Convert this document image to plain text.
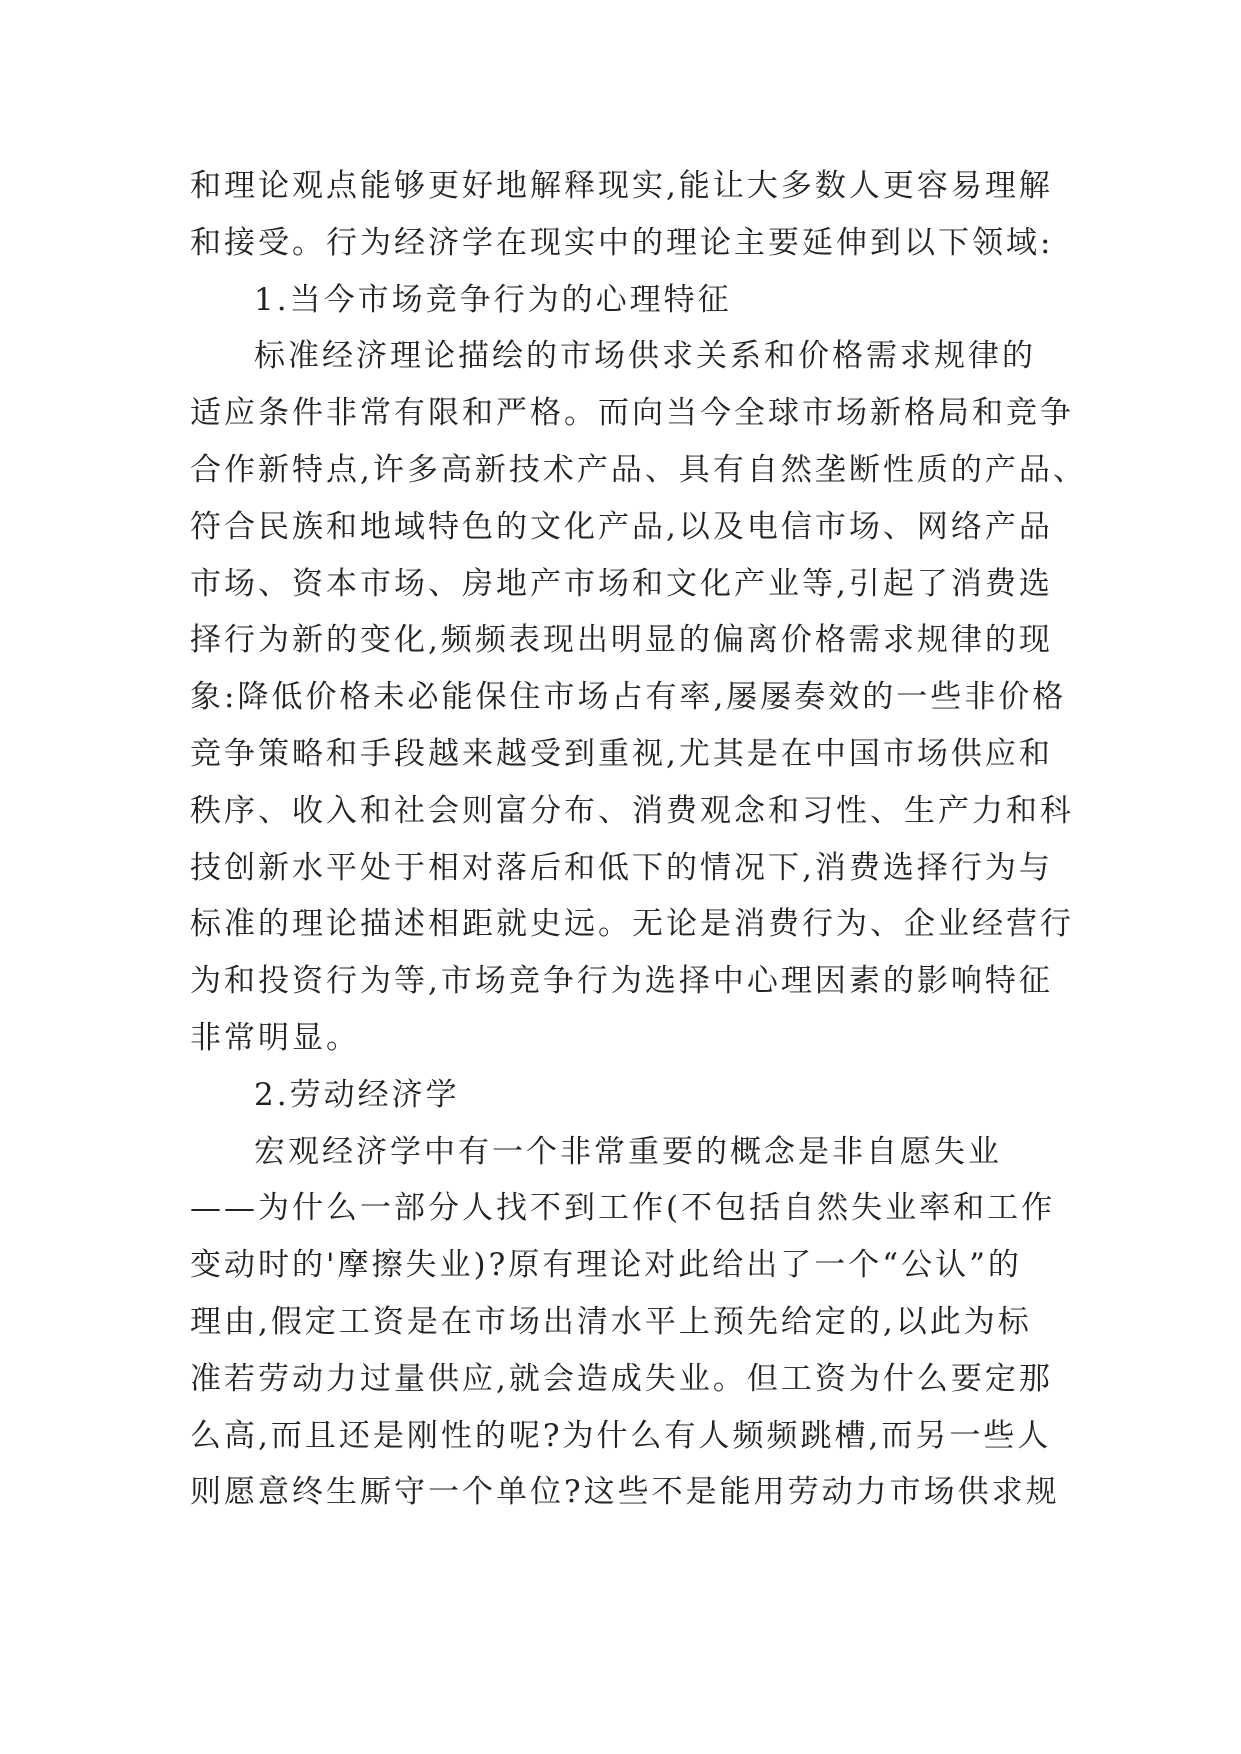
和理论观点能够更好地解释现实,能让大多数人更容易理解
和接受。行为经济学在现实中的理论主要延伸到以下领域:
1.当今市场竞争行为的心理特征
标准经济理论描绘的市场供求关系和价格需求规律的
适应条件非常有限和严格。而向当今全球市场新格局和竞争
合作新特点,许多高新技术产品、具有自然垄断性质的产品、
符合民族和地域特色的文化产品,以及电信市场、网络产品
市场、资本市场、房地产市场和文化产业等,引起了消费选
择行为新的变化,频频表现出明显的偏离价格需求规律的现
象:降低价格未必能保住市场占有率,屡屡奏效的一些非价格
竞争策略和手段越来越受到重视,尤其是在中国市场供应和
秩序、收入和社会则富分布、消费观念和习性、生产力和科
技创新水平处于相对落后和低下的情况下,消费选择行为与
标准的理论描述相距就史远。无论是消费行为、企业经营行
为和投资行为等,市场竞争行为选择中心理因素的影响特征
非常明显。
2.劳动经济学
宏观经济学中有一个非常重要的概念是非自愿失业
——为什么一部分人找不到工作(不包括自然失业率和工作
变动时的'摩擦失业)?原有理论对此给出了一个“公认”的
理由,假定工资是在市场出清水平上预先给定的,以此为标
准若劳动力过量供应,就会造成失业。但工资为什么要定那
么高,而且还是刚性的呢?为什么有人频频跳槽,而另一些人
则愿意终生厮守一个单位?这些不是能用劳动力市场供求规
